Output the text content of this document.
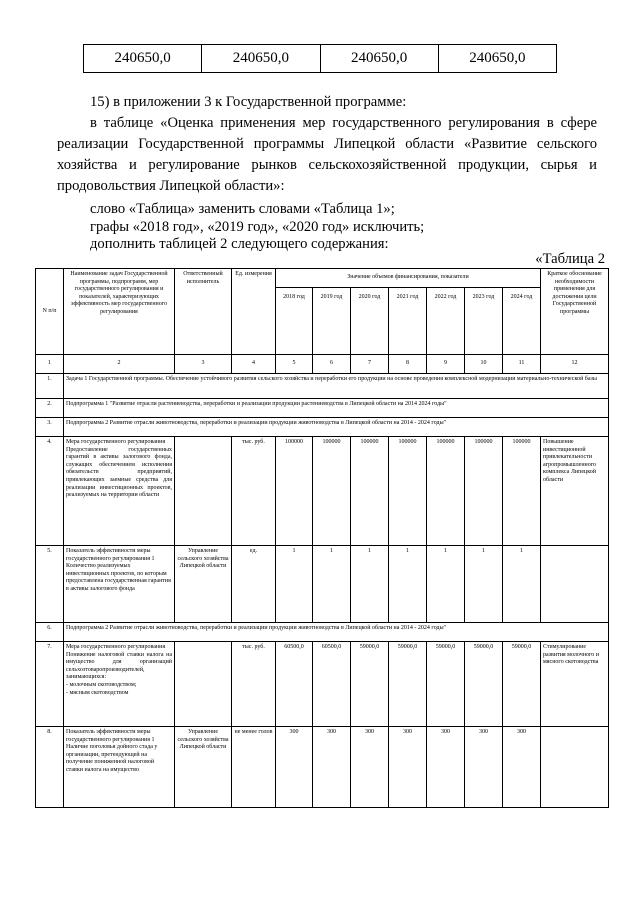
240650,0	240650,0	240650,0	240650,0

15) в приложении 3 к Государственной программе:

в таблице «Оценка применения мер государственного регулирования в сфере реализации Государственной программы Липецкой области «Развитие сельского хозяйства и регулирование рынков сельскохозяйственной продукции, сырья и продовольствия Липецкой области»:

слово «Таблица» заменить словами «Таблица 1»;
графы «2018 год», «2019 год», «2020 год» исключить;
дополнить таблицей 2 следующего содержания:
«Таблица 2
N п/п	Наименование задач Государственной программы, подпрограмм, мер государственного регулирования и показателей, характеризующих эффективность мер государственного регулирования	Ответственный исполнитель	Ед. измерения	Значение объемов финансирования, показатели							Краткое обоснование необходимости применения для достижения цели Государственной программы
				2018 год	2019 год	2020 год	2021 год	2022 год	2023 год	2024 год	
1	2	3	4	5	6	7	8	9	10	11	12
1.	Задача 1 Государственной программы. Обеспечение устойчивого развития сельского хозяйства и переработки его продукции на основе проведения комплексной модернизации материально-технической базы										
2.	Подпрограмма 1 "Развитие отрасли растениеводства, переработки и реализации продукции растениеводства в Липецкой области на 2014 2024 годы"										
3.	Подпрограмма 2 Развитие отрасли животноводства, переработки и реализации продукции животноводства в Липецкой области на 2014 - 2024 годы"										
4.	Мера государственного регулирования
Предоставление государственных гарантий в активы залогового фонда, служащих обеспечением исполнения обязательств предприятий, привлекающих заемные средства для реализации инвестиционных проектов, реализуемых на территории области		тыс. руб.	100000	100000	100000	100000	100000	100000	100000	Повышение инвестиционной привлекательности агропромышленного комплекса Липецкой области
5.	Показатель эффективности меры государственного регулирования 1
Количество реализуемых инвестиционных проектов, по которым предоставлена государственная гарантия в активы залогового фонда	Управление сельского хозяйства Липецкой области	ед.	1	1	1	1	1	1	1	
6.	Подпрограмма 2 Развитие отрасли животноводства, переработки и реализации продукции животноводства в Липецкой области на 2014 - 2024 годы"										
7.	Мера государственного регулирования
Понижение налоговой ставки налога на имущество для организаций сельхозтоваропроизводителей, занимающихся:
- молочным скотоводством;
- мясным скотоводством		тыс. руб.	60500,0	60500,0	59000,0	59000,0	59000,0	59000,0	59000,0	Стимулирование развития молочного и мясного скотоводства
8.	Показатель эффективности меры государственного регулирования 1
Наличие поголовья дойного стада у организации, претендующей на получение пониженной налоговой ставки налога на имущество	Управление сельского хозяйства Липецкой области	не менее голов	300	300	300	300	300	300	300	
